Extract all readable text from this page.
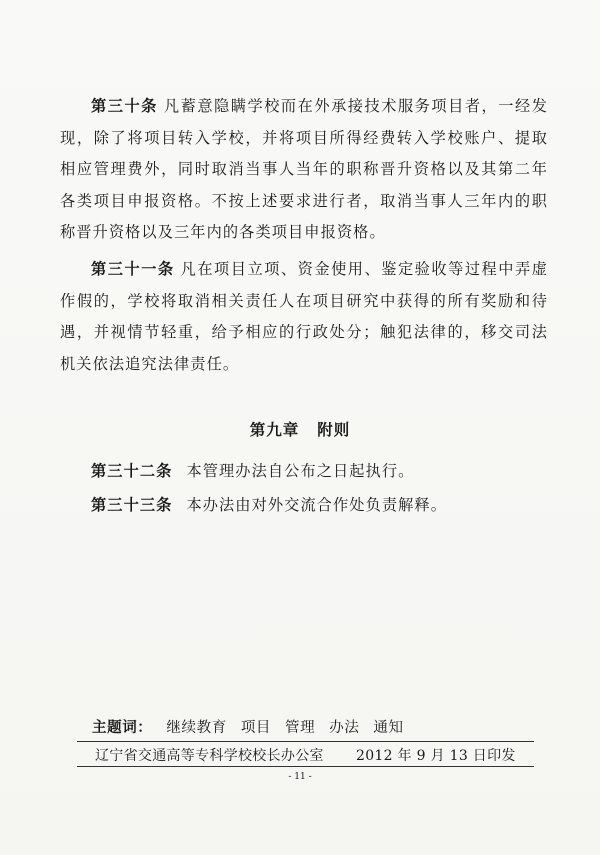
第三十条 凡蓄意隐瞒学校而在外承接技术服务项目者，一经发现，除了将项目转入学校，并将项目所得经费转入学校账户、提取相应管理费外，同时取消当事人当年的职称晋升资格以及其第二年各类项目申报资格。不按上述要求进行者，取消当事人三年内的职称晋升资格以及三年内的各类项目申报资格。

第三十一条 凡在项目立项、资金使用、鉴定验收等过程中弄虚作假的，学校将取消相关责任人在项目研究中获得的所有奖励和待遇，并视情节轻重，给予相应的行政处分；触犯法律的，移交司法机关依法追究法律责任。

第九章 附则
第三十二条 本管理办法自公布之日起执行。
第三十三条 本办法由对外交流合作处负责解释。
主题词： 继续教育 项目 管理 办法 通知
辽宁省交通高等专科学校校长办公室 2012 年 9 月 13 日印发
- 11 -
